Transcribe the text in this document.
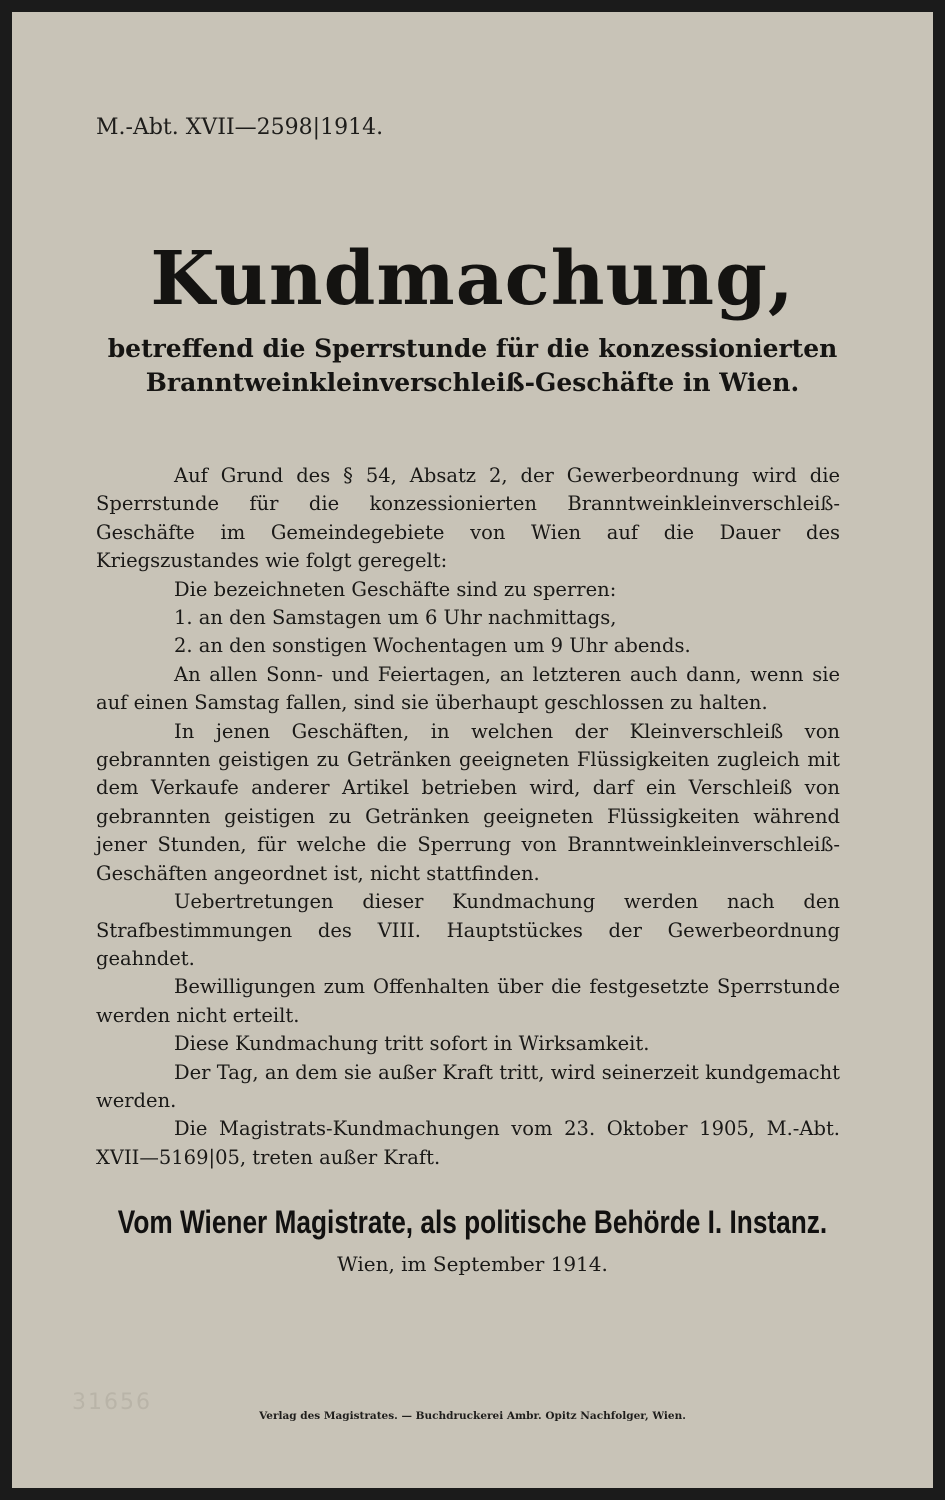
M.-Abt. XVII—2598|1914.
Kundmachung,
betreffend die Sperrstunde für die konzessionierten
Branntweinkleinverschleiß-Geschäfte in Wien.

Auf Grund des § 54, Absatz 2, der Gewerbeordnung wird die Sperrstunde für die konzessionierten Branntweinkleinverschleiß-Geschäfte im Gemeindegebiete von Wien auf die Dauer des Kriegszustandes wie folgt geregelt:

Die bezeichneten Geschäfte sind zu sperren:

1. an den Samstagen um 6 Uhr nachmittags,

2. an den sonstigen Wochentagen um 9 Uhr abends.

An allen Sonn- und Feiertagen, an letzteren auch dann, wenn sie auf einen Samstag fallen, sind sie überhaupt geschlossen zu halten.

In jenen Geschäften, in welchen der Kleinverschleiß von gebrannten geistigen zu Getränken geeigneten Flüssigkeiten zugleich mit dem Verkaufe anderer Artikel betrieben wird, darf ein Verschleiß von gebrannten geistigen zu Getränken geeigneten Flüssigkeiten während jener Stunden, für welche die Sperrung von Branntweinkleinverschleiß-Geschäften angeordnet ist, nicht stattfinden.

Uebertretungen dieser Kundmachung werden nach den Strafbestimmungen des VIII. Hauptstückes der Gewerbeordnung geahndet.

Bewilligungen zum Offenhalten über die festgesetzte Sperrstunde werden nicht erteilt.

Diese Kundmachung tritt sofort in Wirksamkeit.

Der Tag, an dem sie außer Kraft tritt, wird seinerzeit kundgemacht werden.

Die Magistrats-Kundmachungen vom 23. Oktober 1905, M.-Abt. XVII—5169|05, treten außer Kraft.

Vom Wiener Magistrate, als politische Behörde I. Instanz.
Wien, im September 1914.
31656
Verlag des Magistrates. — Buchdruckerei Ambr. Opitz Nachfolger, Wien.
